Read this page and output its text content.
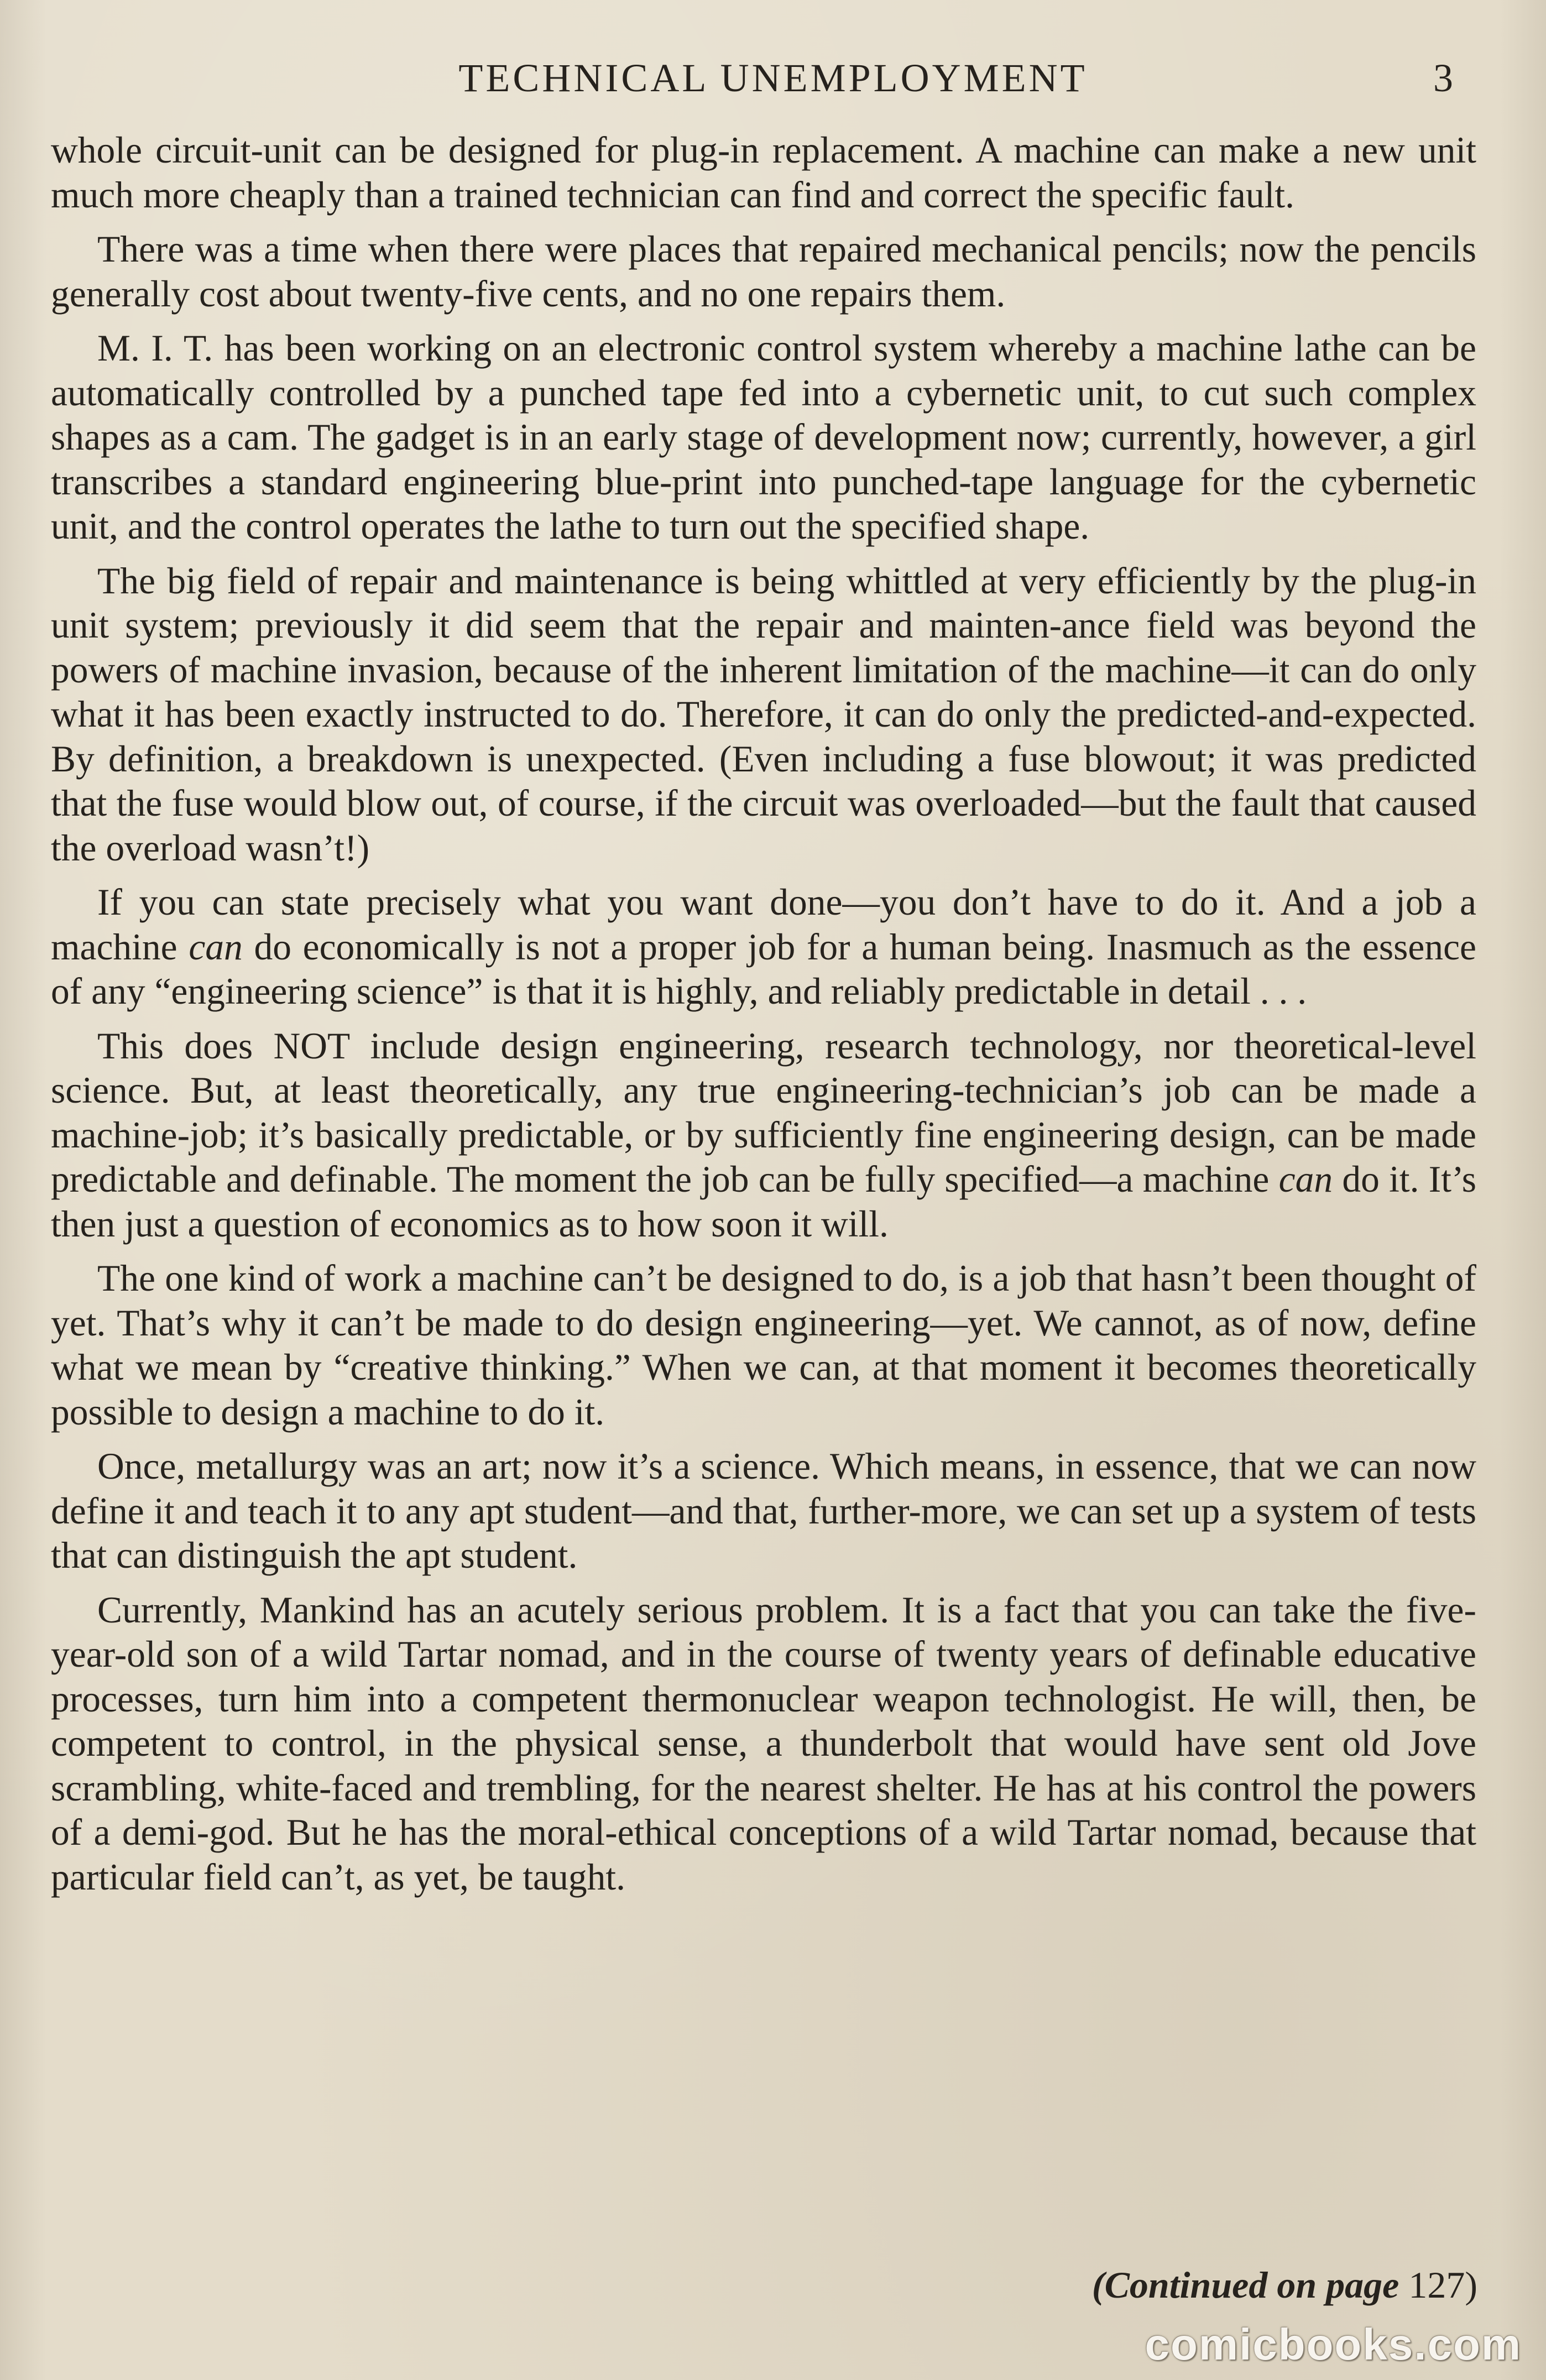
TECHNICAL UNEMPLOYMENT	3

whole circuit-unit can be designed for plug-in replacement. A machine can make a new unit much more cheaply than a trained technician can find and correct the specific fault.

There was a time when there were places that repaired mechanical pencils; now the pencils generally cost about twenty-five cents, and no one repairs them.

M. I. T. has been working on an electronic control system whereby a machine lathe can be automatically controlled by a punched tape fed into a cybernetic unit, to cut such complex shapes as a cam. The gadget is in an early stage of development now; currently, however, a girl transcribes a standard engineering blue-print into punched-tape language for the cybernetic unit, and the control operates the lathe to turn out the specified shape.

The big field of repair and maintenance is being whittled at very efficiently by the plug-in unit system; previously it did seem that the repair and mainten-ance field was beyond the powers of machine invasion, because of the inherent limitation of the machine—it can do only what it has been exactly instructed to do. Therefore, it can do only the predicted-and-expected. By definition, a breakdown is unexpected. (Even including a fuse blowout; it was predicted that the fuse would blow out, of course, if the circuit was overloaded—but the fault that caused the overload wasn’t!)

If you can state precisely what you want done—you don’t have to do it. And a job a machine can do economically is not a proper job for a human being. Inasmuch as the essence of any “engineering science” is that it is highly, and reliably predictable in detail . . .

This does NOT include design engineering, research technology, nor theoretical-level science. But, at least theoretically, any true engineering-technician’s job can be made a machine-job; it’s basically predictable, or by sufficiently fine engineering design, can be made predictable and definable. The moment the job can be fully specified—a machine can do it. It’s then just a question of economics as to how soon it will.

The one kind of work a machine can’t be designed to do, is a job that hasn’t been thought of yet. That’s why it can’t be made to do design engineering—yet. We cannot, as of now, define what we mean by “creative thinking.” When we can, at that moment it becomes theoretically possible to design a machine to do it.

Once, metallurgy was an art; now it’s a science. Which means, in essence, that we can now define it and teach it to any apt student—and that, further-more, we can set up a system of tests that can distinguish the apt student.

Currently, Mankind has an acutely serious problem. It is a fact that you can take the five-year-old son of a wild Tartar nomad, and in the course of twenty years of definable educative processes, turn him into a competent thermonuclear weapon technologist. He will, then, be competent to control, in the physical sense, a thunderbolt that would have sent old Jove scrambling, white-faced and trembling, for the nearest shelter. He has at his control the powers of a demi-god. But he has the moral-ethical conceptions of a wild Tartar nomad, because that particular field can’t, as yet, be taught.

(Continued on page 127)
comicbooks.com
